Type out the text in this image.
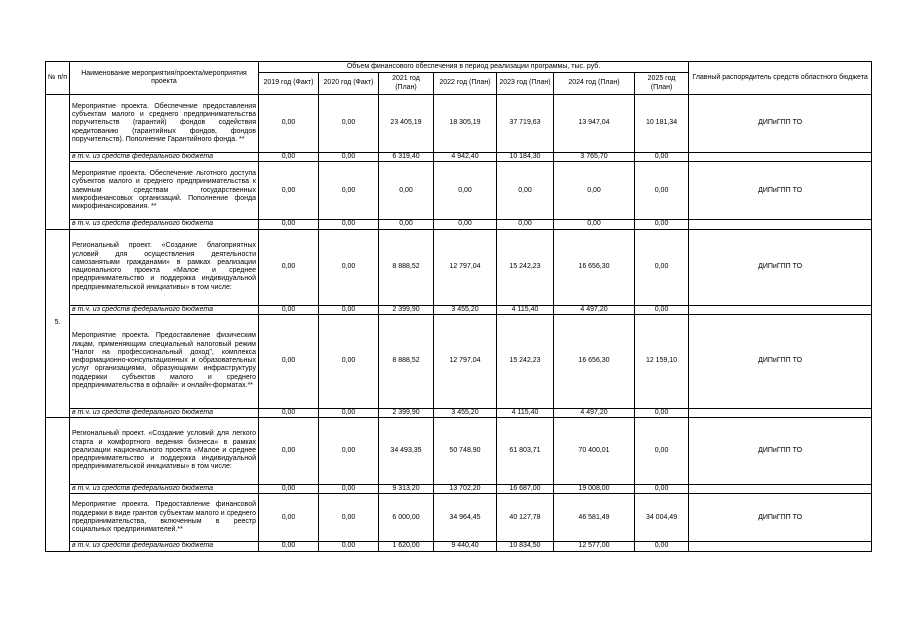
№ п/п	Наименование мероприятия/проекта/мероприятия проекта	Объем финансового обеспечения в период реализации программы, тыс. руб.							Главный распорядитель средств областного бюджета
		2019 год (Факт)	2020 год (Факт)	2021 год (План)	2022 год (План)	2023 год (План)	2024 год (План)	2025 год (План)	
	Мероприятие проекта. Обеспечение предоставления субъектам малого и среднего предпринимательства поручительств (гарантий) фондов содействия кредитованию (гарантийных фондов, фондов поручительств). Пополнение Гарантийного фонда. **	0,00	0,00	23 405,19	18 305,19	37 719,63	13 947,04	10 181,34	ДИПиГПП ТО
	в т.ч. из средств федерального бюджета	0,00	0,00	6 319,40	4 942,40	10 184,30	3 765,70	0,00	
	Мероприятие проекта. Обеспечение льготного доступа субъектов малого и среднего предпринимательства к заемным средствам государственных микрофинансовых организаций. Пополнение фонда микрофинансирования. **	0,00	0,00	0,00	0,00	0,00	0,00	0,00	ДИПиГПП ТО
	в т.ч. из средств федерального бюджета	0,00	0,00	0,00	0,00	0,00	0,00	0,00	
5.	Региональный проект. «Создание благоприятных условий для осуществления деятельности самозанятыми гражданами» в рамках реализации национального проекта «Малое и среднее предпринимательство и поддержка индивидуальной предпринимательской инициативы» в том числе:	0,00	0,00	8 888,52	12 797,04	15 242,23	16 656,30	0,00	ДИПиГПП ТО
	в т.ч. из средств федерального бюджета	0,00	0,00	2 399,90	3 455,20	4 115,40	4 497,20	0,00	
	Мероприятие проекта. Предоставление физическим лицам, применяющим специальный налоговый режим "Налог на профессиональный доход", комплекса информационно-консультационных и образовательных услуг организациями, образующими инфраструктуру поддержки субъектов малого и среднего предпринимательства в офлайн- и онлайн-форматах.**	0,00	0,00	8 888,52	12 797,04	15 242,23	16 656,30	12 159,10	ДИПиГПП ТО
	в т.ч. из средств федерального бюджета	0,00	0,00	2 399,90	3 455,20	4 115,40	4 497,20	0,00	
	Региональный проект. «Создание условий для легкого старта и комфортного ведения бизнеса» в рамках реализации национального проекта «Малое и среднее предпринимательство и поддержка индивидуальной предпринимательской инициативы» в том числе:	0,00	0,00	34 493,35	50 748,90	61 803,71	70 400,01	0,00	ДИПиГПП ТО
	в т.ч. из средств федерального бюджета	0,00	0,00	9 313,20	13 702,20	16 687,00	19 008,00	0,00	
	Мероприятие проекта. Предоставление финансовой поддержки в виде грантов субъектам малого и среднего предпринимательства, включенным в реестр социальных предпринимателей.**	0,00	0,00	6 000,00	34 964,45	40 127,78	46 581,49	34 004,49	ДИПиГПП ТО
	в т.ч. из средств федерального бюджета	0,00	0,00	1 620,00	9 440,40	10 834,50	12 577,00	0,00	
